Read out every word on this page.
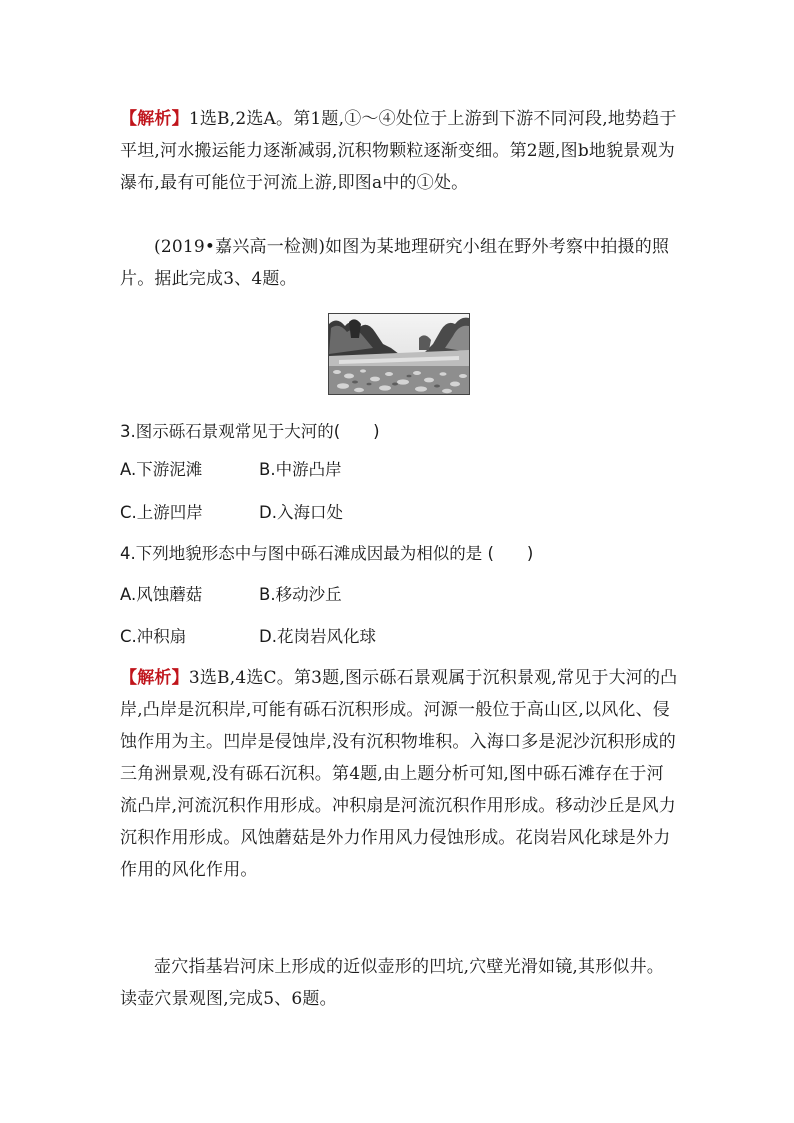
【解析】1选B,2选A。第1题,①～④处位于上游到下游不同河段,地势趋于平坦,河水搬运能力逐渐减弱,沉积物颗粒逐渐变细。第2题,图b地貌景观为瀑布,最有可能位于河流上游,即图a中的①处。
(2019•嘉兴高一检测)如图为某地理研究小组在野外考察中拍摄的照片。据此完成3、4题。
3.图示砾石景观常见于大河的(　　)
A.下游泥滩	B.中游凸岸
C.上游凹岸	D.入海口处
4.下列地貌形态中与图中砾石滩成因最为相似的是 (　　)
A.风蚀蘑菇	B.移动沙丘
C.冲积扇	D.花岗岩风化球
【解析】3选B,4选C。第3题,图示砾石景观属于沉积景观,常见于大河的凸岸,凸岸是沉积岸,可能有砾石沉积形成。河源一般位于高山区,以风化、侵蚀作用为主。凹岸是侵蚀岸,没有沉积物堆积。入海口多是泥沙沉积形成的三角洲景观,没有砾石沉积。第4题,由上题分析可知,图中砾石滩存在于河流凸岸,河流沉积作用形成。冲积扇是河流沉积作用形成。移动沙丘是风力沉积作用形成。风蚀蘑菇是外力作用风力侵蚀形成。花岗岩风化球是外力作用的风化作用。
壶穴指基岩河床上形成的近似壶形的凹坑,穴壁光滑如镜,其形似井。读壶穴景观图,完成5、6题。
